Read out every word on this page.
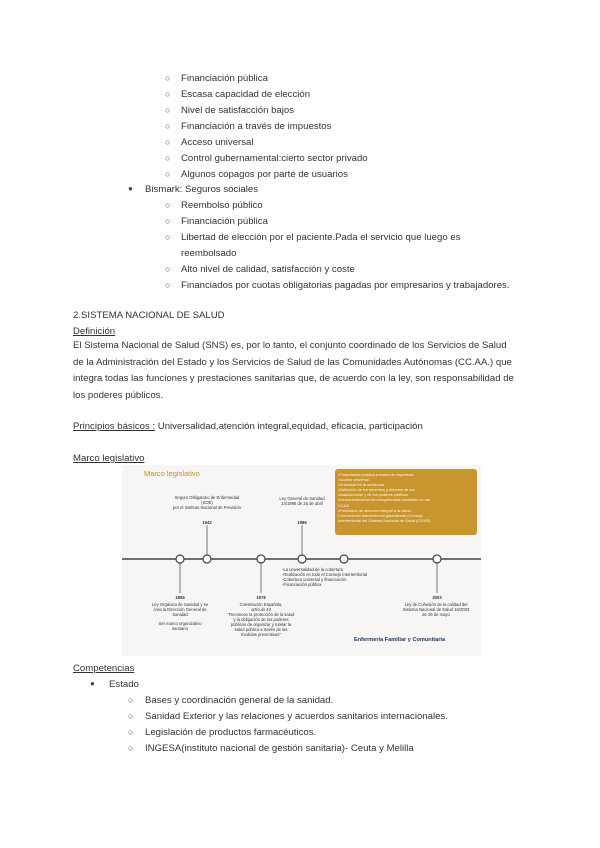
○ Financiación pública
○ Escasa capacidad de elección
○ Nivel de satisfacción bajos
○ Financiación a través de impuestos
○ Acceso universal
○ Control gubernamental:cierto sector privado
○ Algunos copagos por parte de usuarios
● Bismark: Seguros sociales
○ Reembolso público
○ Financiación pública
○ Libertad de elección por el paciente.Pada el servicio que luego es
reembolsado
○ Alto nivel de calidad, satisfacción y coste
○ Financiados por cuotas obligatorias pagadas por empresarios y trabajadores.
2.SISTEMA NACIONAL DE SALUD
Definición
El Sistema Nacional de Salud (SNS) es, por lo tanto, el conjunto coordinado de los Servicios de Salud
de la Administración del Estado y los Servicios de Salud de las Comunidades Autónomas (CC.AA.) que
integra todas las funciones y prestaciones sanitarias que, de acuerdo con la ley, son responsabilidad de
los poderes públicos.
Principios básicos : Universalidad,atención integral,equidad, eficacia, participación
Marco legislativo
Marco legislativo
Seguro Obligatorio de Enfermedad
(SOE)
por el Instituto Nacional de Previsión
1942
Ley General de Sanidad
14/1986 de 25 de abril
1986
•Financiación pública a través de impuestos
•Acceso universal
•Gratuidad en la asistencia
•Definición de los derechos y deberes de los
ciudadanos/as y de los poderes públicos
•Descentralización de competencias sanitarias en las
CCAA
•Prestación de atención integral a la salud
Coordinación interterritorial garantizada (Consejo
Interterritorial del Sistema Nacional de Salud (CISNS)
-La universalidad de la cobertura
-Realización en todo el Consejo Interterritorial
-Cobertura universal y financiación
-Financiación pública
1855
Ley Orgánica de Sanidad y se
crea la Dirección General de
Sanidad
Ser marco organizativo
sanitario
1978
Constitución Española,
artículo 43
"Reconoce la protección de la salud
y la obligación de los poderes
públicos de organizar y tutelar la
salud pública a través de las
medidas preventivas"
2003
Ley de Cohesión de la calidad del
Sistema Nacional de Salud 16/2003
de 28 de mayo
Enfermería Familiar y Comunitaria
Competencias
● Estado
○ Bases y coordinación general de la sanidad.
○ Sanidad Exterior y las relaciones y acuerdos sanitarios internacionales.
○ Legislación de productos farmacéuticos.
○ INGESA(instituto nacional de gestión sanitaria)- Ceuta y Melilla
